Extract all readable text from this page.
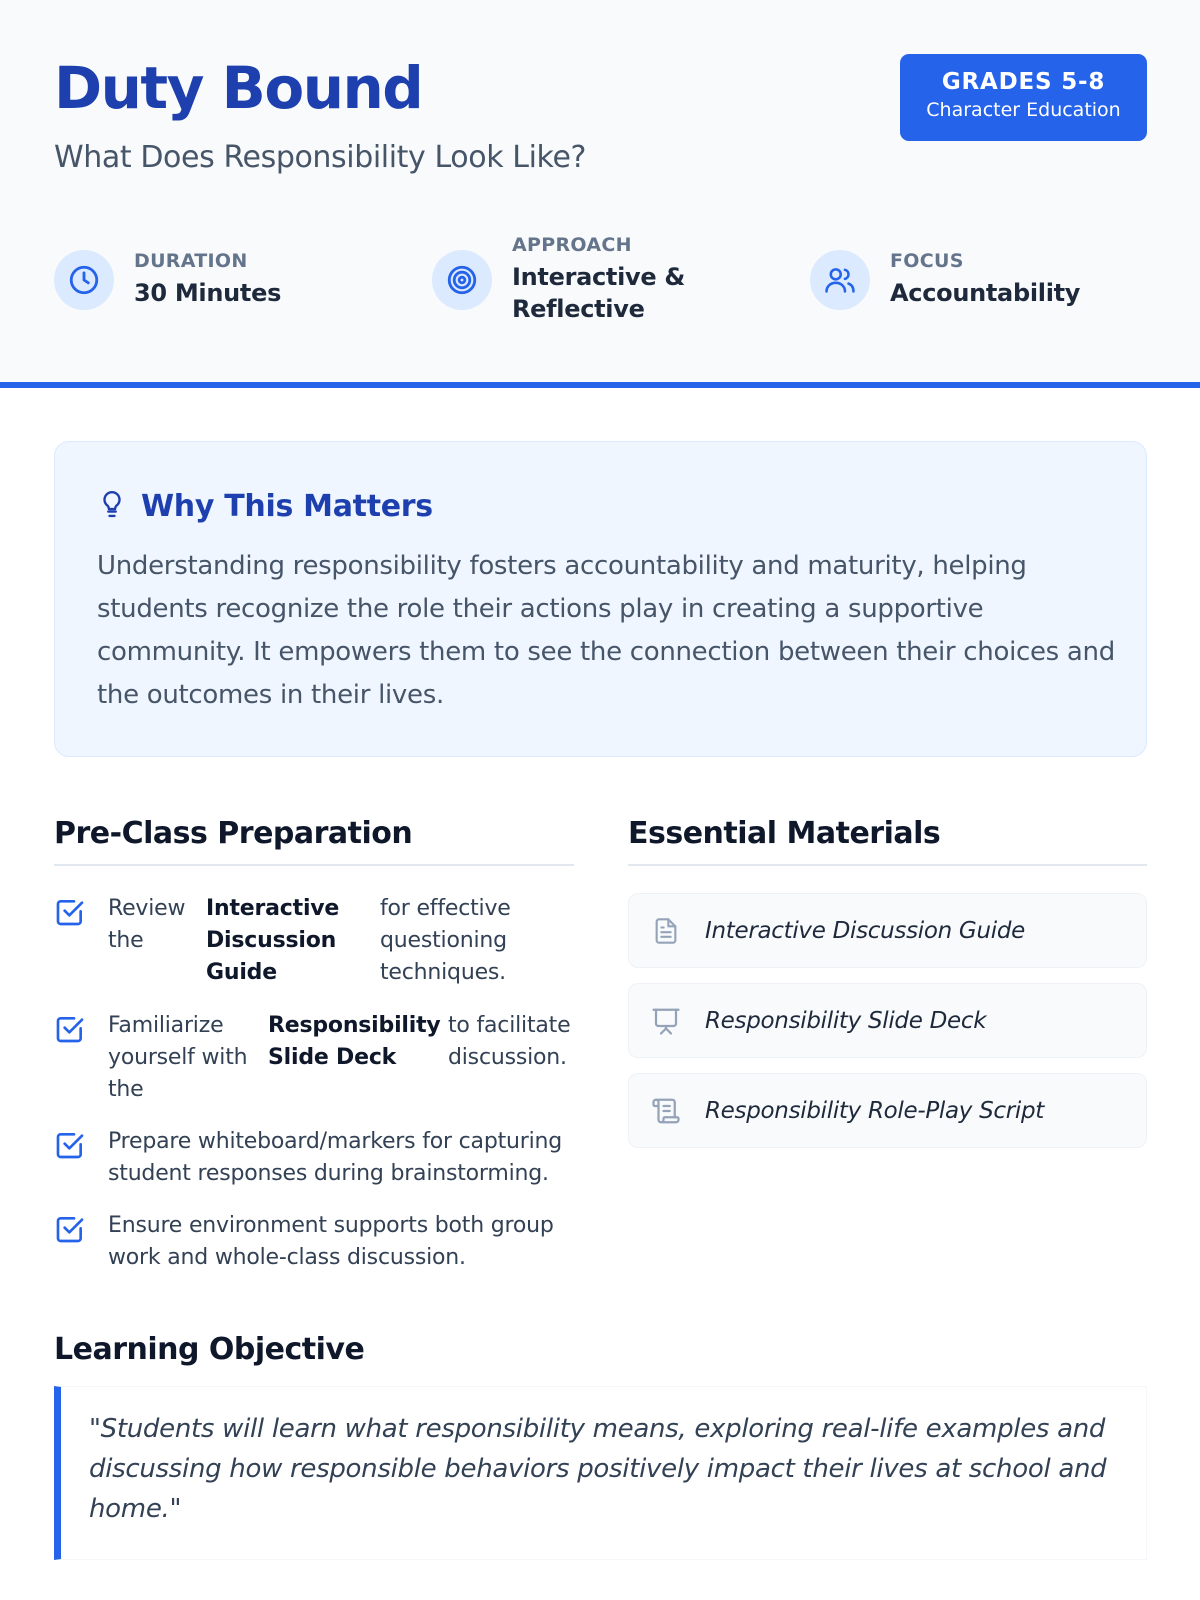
Duty Bound
What Does Responsibility Look Like?
GRADES 5-8
Character Education
DURATION
30 Minutes
APPROACH
Interactive &
Reflective
FOCUS
Accountability
Why This Matters
Understanding responsibility fosters accountability and maturity, helping students recognize the role their actions play in creating a supportive community. It empowers them to see the connection between their choices and the outcomes in their lives.
Pre-Class Preparation
Review the
Interactive Discussion Guide
for effective questioning techniques.
Familiarize yourself with the
Responsibility Slide Deck
to facilitate discussion.
Prepare whiteboard/markers for capturing student responses during brainstorming.
Ensure environment supports both group work and whole-class discussion.
Essential Materials
Interactive Discussion Guide
Responsibility Slide Deck
Responsibility Role-Play Script
Learning Objective
"Students will learn what responsibility means, exploring real-life examples and discussing how responsible behaviors positively impact their lives at school and home."
